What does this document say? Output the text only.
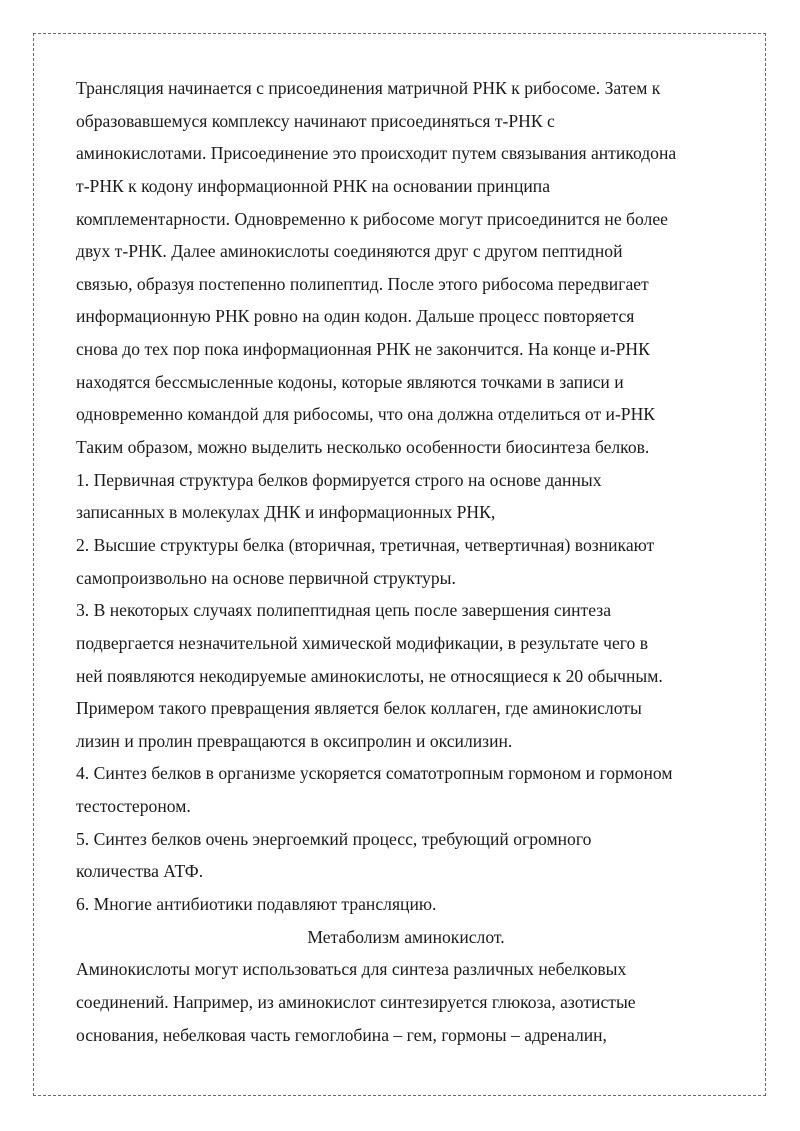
Трансляция начинается с присоединения матричной РНК к рибосоме. Затем к
образовавшемуся комплексу начинают присоединяться т-РНК с
аминокислотами. Присоединение это происходит путем связывания антикодона
т-РНК к кодону информационной РНК на основании принципа
комплементарности. Одновременно к рибосоме могут присоединится не более
двух т-РНК. Далее аминокислоты соединяются друг с другом пептидной
связью, образуя постепенно полипептид. После этого рибосома передвигает
информационную РНК ровно на один кодон. Дальше процесс повторяется
снова до тех пор пока информационная РНК не закончится. На конце и-РНК
находятся бессмысленные кодоны, которые являются точками в записи и
одновременно командой для рибосомы, что она должна отделиться от и-РНК
Таким образом, можно выделить несколько особенности биосинтеза белков.
1. Первичная структура белков формируется строго на основе данных
записанных в молекулах ДНК и информационных РНК,
2. Высшие структуры белка (вторичная, третичная, четвертичная) возникают
самопроизвольно на основе первичной структуры.
3. В некоторых случаях полипептидная цепь после завершения синтеза
подвергается незначительной химической модификации, в результате чего в
ней появляются некодируемые аминокислоты, не относящиеся к 20 обычным.
Примером такого превращения является белок коллаген, где аминокислоты
лизин и пролин превращаются в оксипролин и оксилизин.
4. Синтез белков в организме ускоряется соматотропным гормоном и гормоном
тестостероном.
5. Синтез белков очень энергоемкий процесс, требующий огромного
количества АТФ.
6. Многие антибиотики подавляют трансляцию.
Метаболизм аминокислот.
Аминокислоты могут использоваться для синтеза различных небелковых
соединений. Например, из аминокислот синтезируется глюкоза, азотистые
основания, небелковая часть гемоглобина – гем, гормоны – адреналин,
